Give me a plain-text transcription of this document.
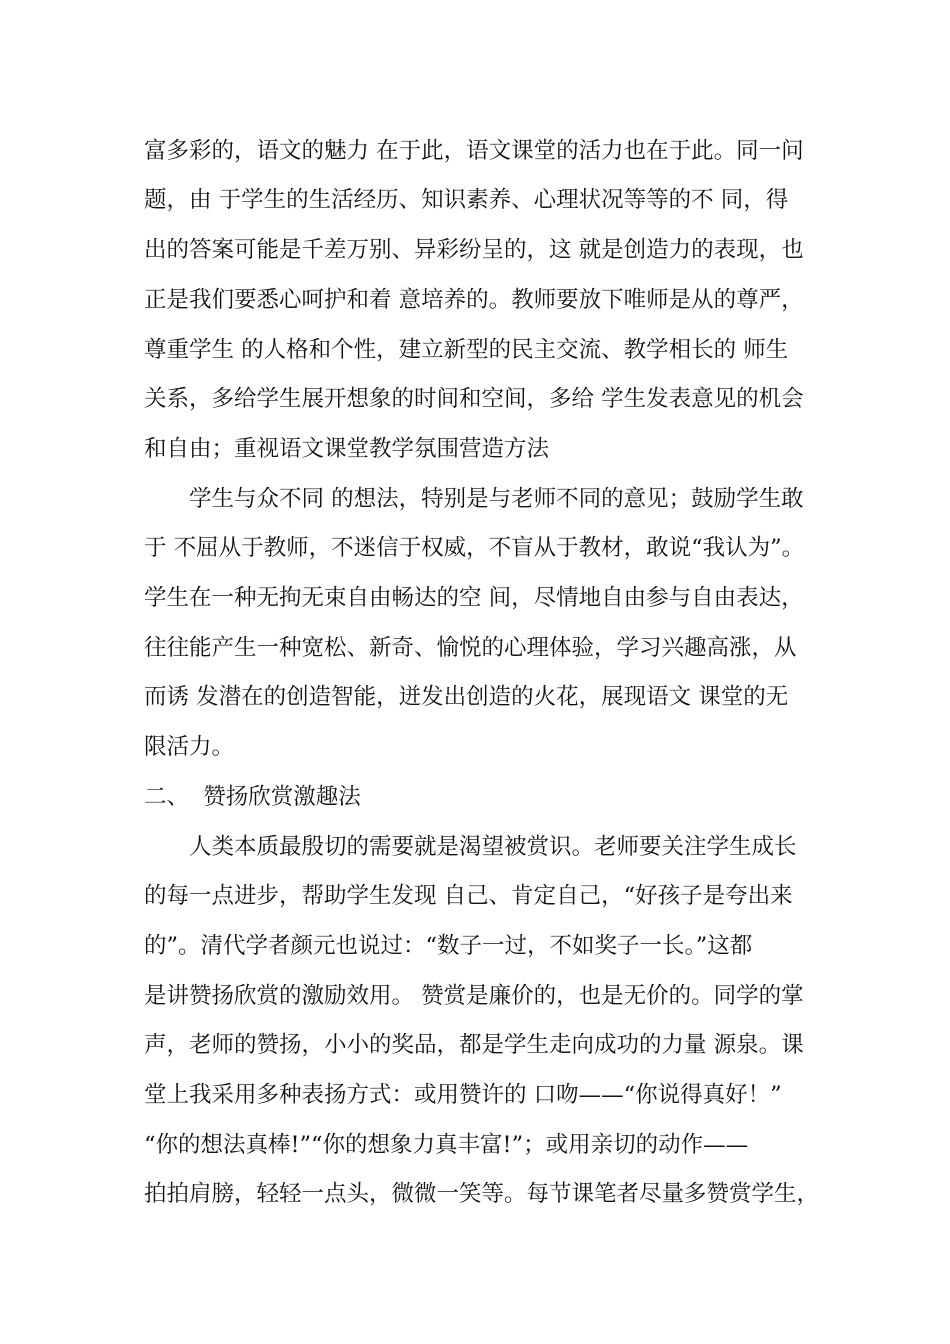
富多彩的，语文的魅力 在于此，语文课堂的活力也在于此。同一问
题，由 于学生的生活经历、知识素养、心理状况等等的不 同，得
出的答案可能是千差万别、异彩纷呈的，这 就是创造力的表现，也
正是我们要悉心呵护和着 意培养的。教师要放下唯师是从的尊严，
尊重学生 的人格和个性，建立新型的民主交流、教学相长的 师生
关系，多给学生展开想象的时间和空间，多给 学生发表意见的机会
和自由；重视语文课堂教学氛围营造方法
学生与众不同 的想法，特别是与老师不同的意见；鼓励学生敢
于 不屈从于教师，不迷信于权威，不盲从于教材，敢说“我认为”。
学生在一种无拘无束自由畅达的空 间，尽情地自由参与自由表达，
往往能产生一种宽松、新奇、愉悦的心理体验，学习兴趣高涨，从
而诱 发潜在的创造智能，迸发出创造的火花，展现语文 课堂的无
限活力。
二、  赞扬欣赏激趣法
人类本质最殷切的需要就是渴望被赏识。老师要关注学生成长
的每一点进步，帮助学生发现 自己、肯定自己，“好孩子是夸出来
的”。清代学者颜元也说过：“数子一过，不如奖子一长。”这都
是讲赞扬欣赏的激励效用。 赞赏是廉价的，也是无价的。同学的掌
声，老师的赞扬，小小的奖品，都是学生走向成功的力量 源泉。课
堂上我采用多种表扬方式：或用赞许的 口吻——“你说得真好！”
“你的想法真棒!”“你的想象力真丰富!”；或用亲切的动作——
拍拍肩膀，轻轻一点头，微微一笑等。每节课笔者尽量多赞赏学生，
